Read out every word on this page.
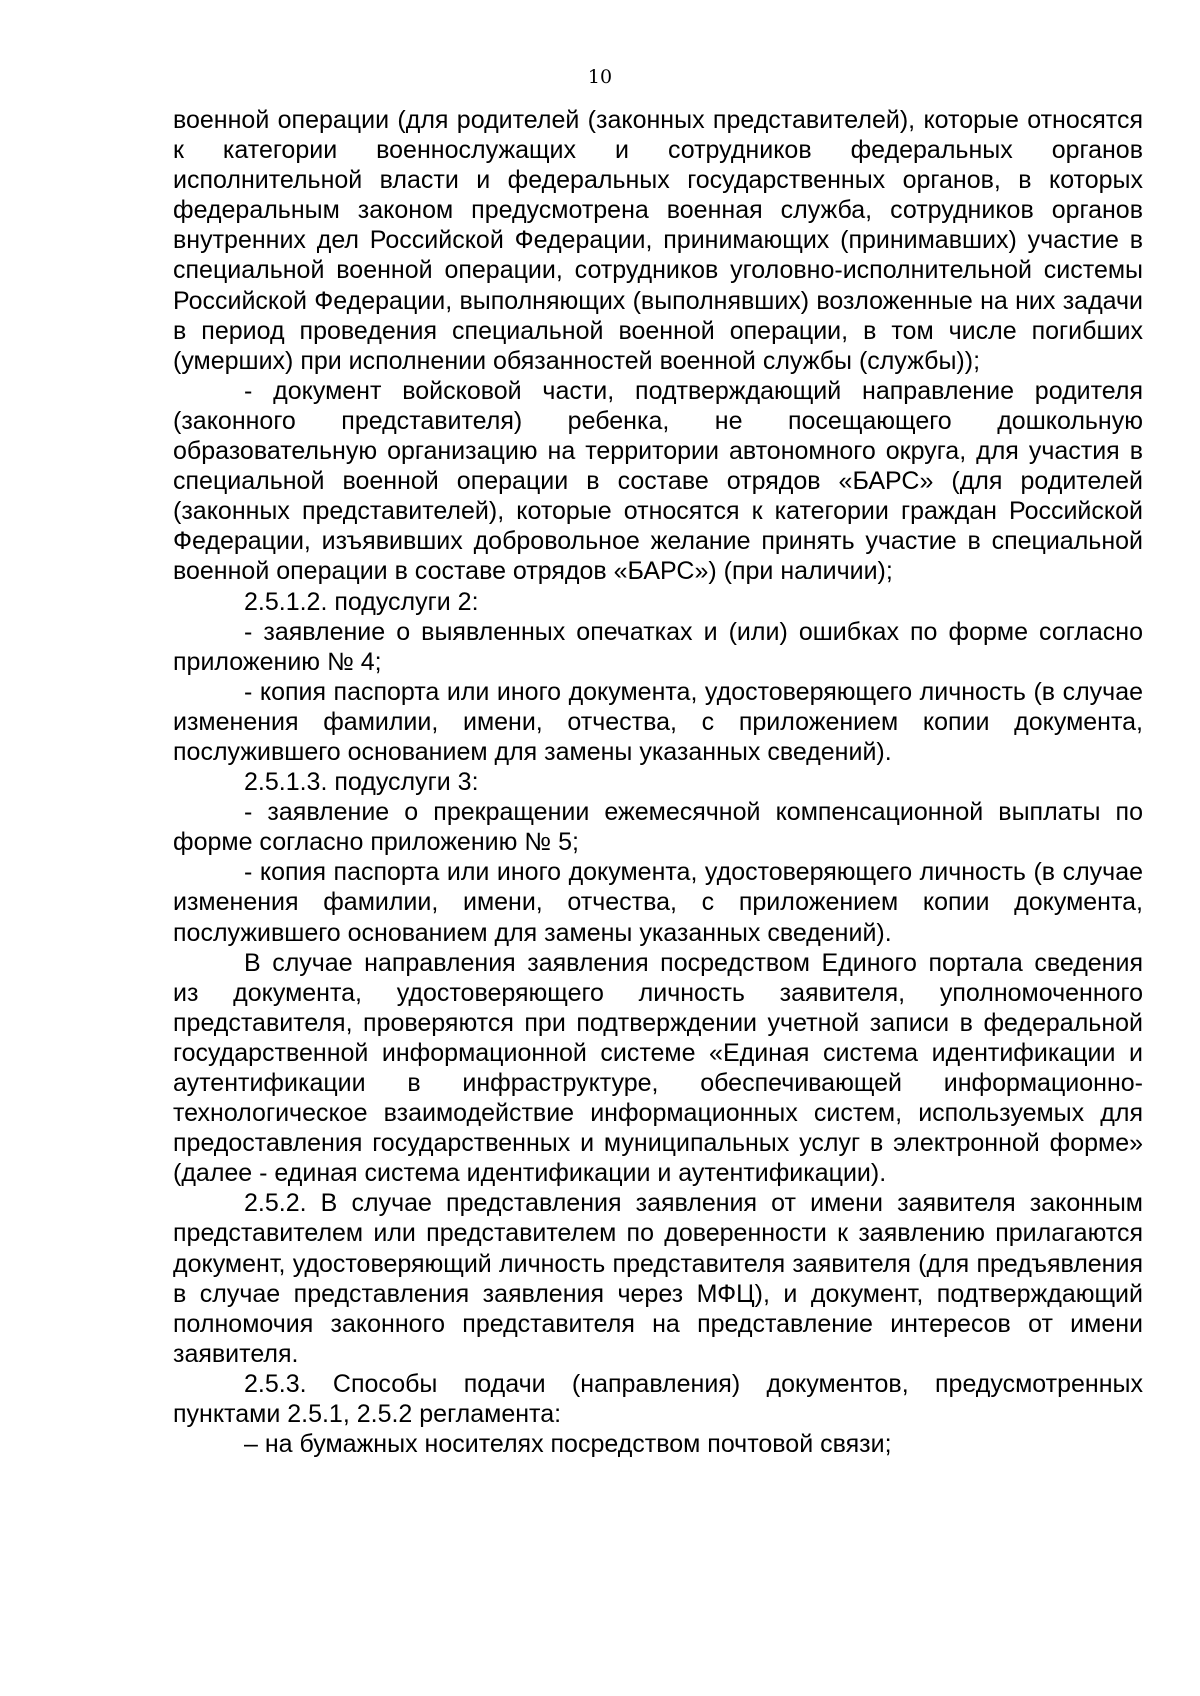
10

военной операции (для родителей (законных представителей), которые относятся к категории военнослужащих и сотрудников федеральных органов исполнительной власти и федеральных государственных органов, в которых федеральным законом предусмотрена военная служба, сотрудников органов внутренних дел Российской Федерации, принимающих (принимавших) участие в специальной военной операции, сотрудников уголовно-исполнительной системы Российской Федерации, выполняющих (выполнявших) возложенные на них задачи в период проведения специальной военной операции, в том числе погибших (умерших) при исполнении обязанностей военной службы (службы));

- документ войсковой части, подтверждающий направление родителя (законного представителя) ребенка, не посещающего дошкольную образовательную организацию на территории автономного округа, для участия в специальной военной операции в составе отрядов «БАРС» (для родителей (законных представителей), которые относятся к категории граждан Российской Федерации, изъявивших добровольное желание принять участие в специальной военной операции в составе отрядов «БАРС») (при наличии);

2.5.1.2. подуслуги 2:

- заявление о выявленных опечатках и (или) ошибках по форме согласно приложению № 4;

- копия паспорта или иного документа, удостоверяющего личность (в случае изменения фамилии, имени, отчества, с приложением копии документа, послужившего основанием для замены указанных сведений).

2.5.1.3. подуслуги 3:

- заявление о прекращении ежемесячной компенсационной выплаты по форме согласно приложению № 5;

- копия паспорта или иного документа, удостоверяющего личность (в случае изменения фамилии, имени, отчества, с приложением копии документа, послужившего основанием для замены указанных сведений).

В случае направления заявления посредством Единого портала сведения из документа, удостоверяющего личность заявителя, уполномоченного представителя, проверяются при подтверждении учетной записи в федеральной государственной информационной системе «Единая система идентификации и аутентификации в инфраструктуре, обеспечивающей информационно-технологическое взаимодействие информационных систем, используемых для предоставления государственных и муниципальных услуг в электронной форме» (далее - единая система идентификации и аутентификации).

2.5.2. В случае представления заявления от имени заявителя законным представителем или представителем по доверенности к заявлению прилагаются документ, удостоверяющий личность представителя заявителя (для предъявления в случае представления заявления через МФЦ), и документ, подтверждающий полномочия законного представителя на представление интересов от имени заявителя.

2.5.3. Способы подачи (направления) документов, предусмотренных пунктами 2.5.1, 2.5.2 регламента:

– на бумажных носителях посредством почтовой связи;
